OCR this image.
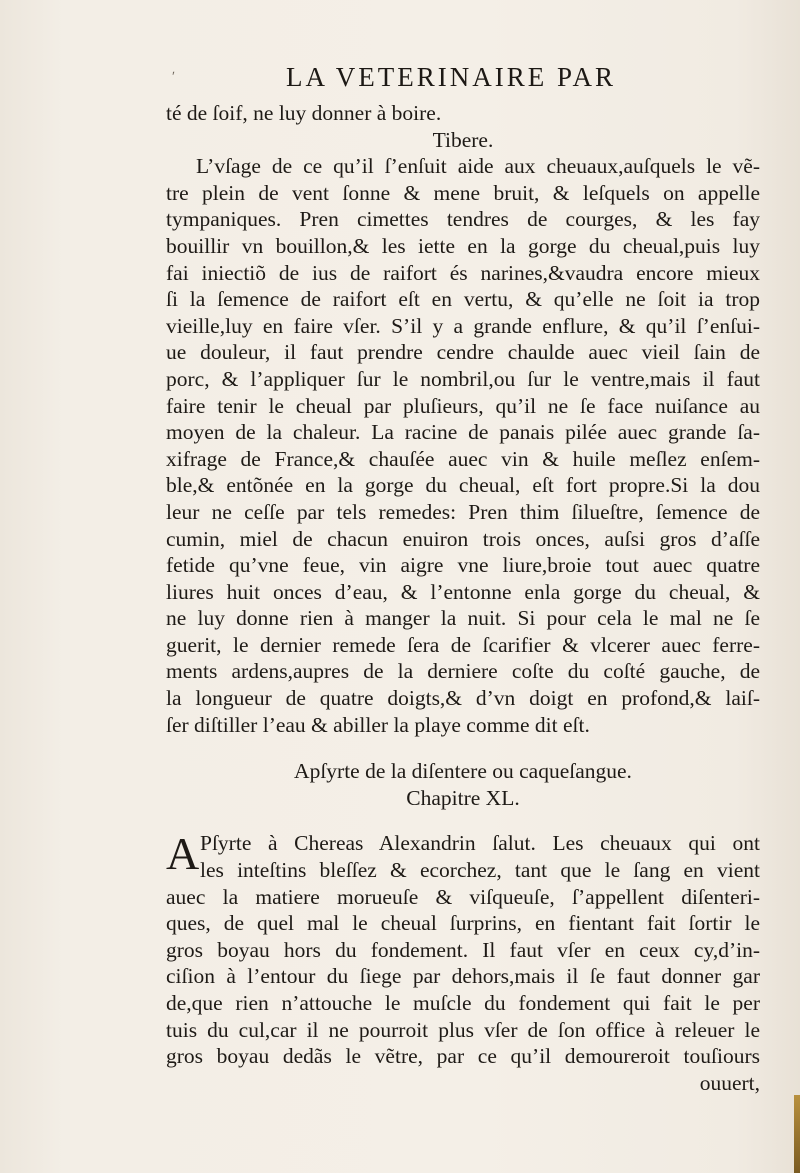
ʹ	LA VETERINAIRE PAR
té de ſoif, ne luy donner à boire.
Tibere.
L’vſage de ce qu’il ſ’enſuit aide aux cheuaux,auſquels le vẽ-
tre plein de vent ſonne & mene bruit, & leſquels on appelle
tympaniques. Pren cimettes tendres de courges, & les fay
bouillir vn bouillon,& les iette en la gorge du cheual,puis luy
fai iniectiõ de ius de raifort és narines,&vaudra encore mieux
ſi la ſemence de raifort eſt en vertu, & qu’elle ne ſoit ia trop
vieille,luy en faire vſer. S’il y a grande enflure, & qu’il ſ’enſui-
ue douleur, il faut prendre cendre chaulde auec vieil ſain de
porc, & l’appliquer ſur le nombril,ou ſur le ventre,mais il faut
faire tenir le cheual par pluſieurs, qu’il ne ſe face nuiſance au
moyen de la chaleur. La racine de panais pilée auec grande ſa-
xifrage de France,& chauſée auec vin & huile meſlez enſem-
ble,& entõnée en la gorge du cheual, eſt fort propre.Si la dou
leur ne ceſſe par tels remedes: Pren thim ſilueſtre, ſemence de
cumin, miel de chacun enuiron trois onces, auſsi gros d’aſſe
fetide qu’vne feue, vin aigre vne liure,broie tout auec quatre
liures huit onces d’eau, & l’entonne enla gorge du cheual, &
ne luy donne rien à manger la nuit. Si pour cela le mal ne ſe
guerit, le dernier remede ſera de ſcarifier & vlcerer auec ferre-
ments ardens,aupres de la derniere coſte du coſté gauche, de
la longueur de quatre doigts,& d’vn doigt en profond,& laiſ-
ſer diſtiller l’eau & abiller la playe comme dit eſt.
Apſyrte de la diſentere ou caqueſangue.
Chapitre XL.
A Pſyrte à Chereas Alexandrin ſalut. Les cheuaux qui ont
les inteſtins bleſſez & ecorchez, tant que le ſang en vient
auec la matiere morueuſe & viſqueuſe, ſ’appellent diſenteri-
ques, de quel mal le cheual ſurprins, en fientant fait ſortir le
gros boyau hors du fondement. Il faut vſer en ceux cy,d’in-
ciſion à l’entour du ſiege par dehors,mais il ſe faut donner gar
de,que rien n’attouche le muſcle du fondement qui fait le per
tuis du cul,car il ne pourroit plus vſer de ſon office à releuer le
gros boyau dedãs le vẽtre, par ce qu’il demoureroit touſiours
ouuert,
